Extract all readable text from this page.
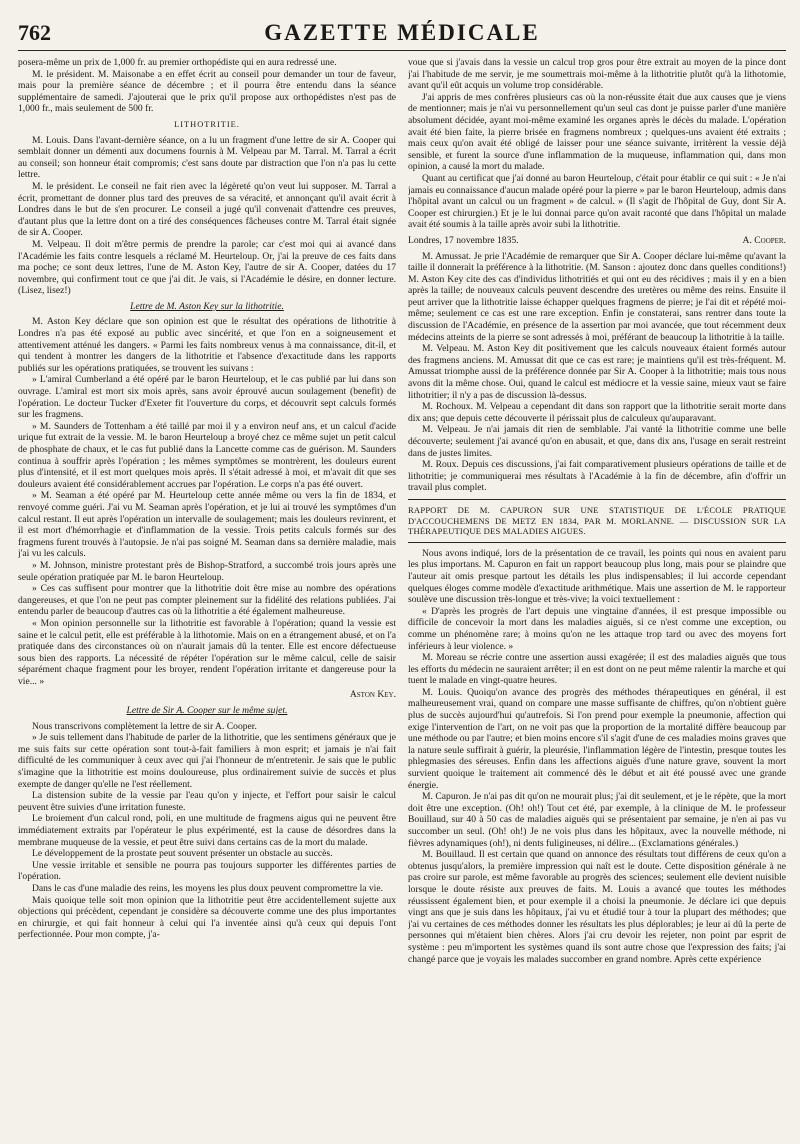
762	GAZETTE MÉDICALE

posera-même un prix de 1,000 fr. au premier orthopédiste qui en aura redressé une.

M. le président. M. Maisonabe a en effet écrit au conseil pour demander un tour de faveur, mais pour la première séance de décembre ; et il pourra être entendu dans la séance supplémentaire de samedi. J'ajouterai que le prix qu'il propose aux orthopédistes n'est pas de 1,000 fr., mais seulement de 500 fr.

LITHOTRITIE.

M. Louis. Dans l'avant-dernière séance, on a lu un fragment d'une lettre de sir A. Cooper qui semblait donner un démenti aux documens fournis à M. Velpeau par M. Tarral. M. Tarral a écrit au conseil; son honneur était compromis; c'est sans doute par distraction que l'on n'a pas lu cette lettre.

M. le président. Le conseil ne fait rien avec la légèreté qu'on veut lui supposer. M. Tarral a écrit, promettant de donner plus tard des preuves de sa véracité, et annonçant qu'il avait écrit à Londres dans le but de s'en procurer. Le conseil a jugé qu'il convenait d'attendre ces preuves, d'autant plus que la lettre dont on a tiré des conséquences fâcheuses contre M. Tarral était signée de sir A. Cooper.

M. Velpeau. Il doit m'être permis de prendre la parole; car c'est moi qui ai avancé dans l'Académie les faits contre lesquels a réclamé M. Heurteloup. Or, j'ai la preuve de ces faits dans ma poche; ce sont deux lettres, l'une de M. Aston Key, l'autre de sir A. Cooper, datées du 17 novembre, qui confirment tout ce que j'ai dit. Je vais, si l'Académie le désire, en donner lecture. (Lisez, lisez!)

Lettre de M. Aston Key sur la lithotritie.

M. Aston Key déclare que son opinion est que le résultat des opérations de lithotritie à Londres n'a pas été exposé au public avec sincérité, et que l'on en a soigneusement et attentivement atténué les dangers. « Parmi les faits nombreux venus à ma connaissance, dit-il, et qui tendent à montrer les dangers de la lithotritie et l'absence d'exactitude dans les rapports publiés sur les opérations pratiquées, se trouvent les suivans :

» L'amiral Cumberland a été opéré par le baron Heurteloup, et le cas publié par lui dans son ouvrage. L'amiral est mort six mois après, sans avoir éprouvé aucun soulagement (benefit) de l'opération. Le docteur Tucker d'Exeter fit l'ouverture du corps, et découvrit sept calculs formés sur les fragmens.

» M. Saunders de Tottenham a été taillé par moi il y a environ neuf ans, et un calcul d'acide urique fut extrait de la vessie. M. le baron Heurteloup a broyé chez ce même sujet un petit calcul de phosphate de chaux, et le cas fut publié dans la Lancette comme cas de guérison. M. Saunders continua à souffrir après l'opération ; les mêmes symptômes se montrèrent, les douleurs eurent plus d'intensité, et il est mort quelques mois après. Il s'était adressé à moi, et m'avait dit que ses douleurs avaient été considérablement accrues par l'opération. Le corps n'a pas été ouvert.

» M. Seaman a été opéré par M. Heurteloup cette année même ou vers la fin de 1834, et renvoyé comme guéri. J'ai vu M. Seaman après l'opération, et je lui ai trouvé les symptômes d'un calcul restant. Il eut après l'opération un intervalle de soulagement; mais les douleurs revinrent, et il est mort d'hémorrhagie et d'inflammation de la vessie. Trois petits calculs formés sur des fragmens furent trouvés à l'autopsie. Je n'ai pas soigné M. Seaman dans sa dernière maladie, mais j'ai vu les calculs.

» M. Johnson, ministre protestant près de Bishop-Stratford, a succombé trois jours après une seule opération pratiquée par M. le baron Heurteloup.

» Ces cas suffisent pour montrer que la lithotritie doit être mise au nombre des opérations dangereuses, et que l'on ne peut pas compter pleinement sur la fidélité des relations publiées. J'ai entendu parler de beaucoup d'autres cas où la lithotritie a été également malheureuse.

« Mon opinion personnelle sur la lithotritie est favorable à l'opération; quand la vessie est saine et le calcul petit, elle est préférable à la lithotomie. Mais on en a étrangement abusé, et on l'a pratiquée dans des circonstances où on n'aurait jamais dû la tenter. Elle est encore défectueuse sous bien des rapports. La nécessité de répéter l'opération sur le même calcul, celle de saisir séparément chaque fragment pour les broyer, rendent l'opération irritante et dangereuse pour la vie... »

Aston Key.

Lettre de Sir A. Cooper sur le même sujet.

Nous transcrivons complètement la lettre de sir A. Cooper.

» Je suis tellement dans l'habitude de parler de la lithotritie, que les sentimens généraux que je me suis faits sur cette opération sont tout-à-fait familiers à mon esprit; et jamais je n'ai fait difficulté de les communiquer à ceux avec qui j'ai l'honneur de m'entretenir. Je sais que le public s'imagine que la lithotritie est moins douloureuse, plus ordinairement suivie de succès et plus exempte de danger qu'elle ne l'est réellement.

La distension subite de la vessie par l'eau qu'on y injecte, et l'effort pour saisir le calcul peuvent être suivies d'une irritation funeste.

Le broiement d'un calcul rond, poli, en une multitude de fragmens aigus qui ne peuvent être immédiatement extraits par l'opérateur le plus expérimenté, est la cause de désordres dans la membrane muqueuse de la vessie, et peut être suivi dans certains cas de la mort du malade.

Le développement de la prostate peut souvent présenter un obstacle au succès.

Une vessie irritable et sensible ne pourra pas toujours supporter les différentes parties de l'opération.

Dans le cas d'une maladie des reins, les moyens les plus doux peuvent compromettre la vie.

Mais quoique telle soit mon opinion que la lithotritie peut être accidentellement sujette aux objections qui précèdent, cependant je considère sa découverte comme une des plus importantes en chirurgie, et qui fait honneur à celui qui l'a inventée ainsi qu'à ceux qui depuis l'ont perfectionnée. Pour mon compte, j'a-

voue que si j'avais dans la vessie un calcul trop gros pour être extrait au moyen de la pince dont j'ai l'habitude de me servir, je me soumettrais moi-même à la lithotritie plutôt qu'à la lithotomie, avant qu'il eût acquis un volume trop considérable.

J'ai appris de mes confrères plusieurs cas où la non-réussite était due aux causes que je viens de mentionner; mais je n'ai vu personnellement qu'un seul cas dont je puisse parler d'une manière absolument décidée, ayant moi-même examiné les organes après le décès du malade. L'opération avait été bien faite, la pierre brisée en fragmens nombreux ; quelques-uns avaient été extraits ; mais ceux qu'on avait été obligé de laisser pour une séance suivante, irritèrent la vessie déjà sensible, et furent la source d'une inflammation de la muqueuse, inflammation qui, dans mon opinion, a causé la mort du malade.

Quant au certificat que j'ai donné au baron Heurteloup, c'était pour établir ce qui suit : « Je n'ai jamais eu connaissance d'aucun malade opéré pour la pierre » par le baron Heurteloup, admis dans l'hôpital avant un calcul ou un fragment » de calcul. » (Il s'agit de l'hôpital de Guy, dont Sir A. Cooper est chirurgien.) Et je le lui donnai parce qu'on avait raconté que dans l'hôpital un malade avait été soumis à la taille après avoir subi la lithotritie.

Londres, 17 novembre 1835.	A. Cooper.

M. Amussat. Je prie l'Académie de remarquer que Sir A. Cooper déclare lui-même qu'avant la taille il donnerait la préférence à la lithotritie. (M. Sanson : ajoutez donc dans quelles conditions!) M. Aston Key cite des cas d'individus lithotritiés et qui ont eu des récidives ; mais il y en a bien après la taille; de nouveaux calculs peuvent descendre des uretères ou même des reins. Ensuite il peut arriver que la lithotritie laisse échapper quelques fragmens de pierre; je l'ai dit et répété moi-même; seulement ce cas est une rare exception. Enfin je constaterai, sans rentrer dans toute la discussion de l'Académie, en présence de la assertion par moi avancée, que tout récemment deux médecins atteints de la pierre se sont adressés à moi, préférant de beaucoup la lithotritie à la taille.

M. Velpeau. M. Aston Key dit positivement que les calculs nouveaux étaient formés autour des fragmens anciens. M. Amussat dit que ce cas est rare; je maintiens qu'il est très-fréquent. M. Amussat triomphe aussi de la préférence donnée par Sir A. Cooper à la lithotritie; mais tous nous avons dit la même chose. Oui, quand le calcul est médiocre et la vessie saine, mieux vaut se faire lithotritier; il n'y a pas de discussion là-dessus.

M. Rochoux. M. Velpeau a cependant dit dans son rapport que la lithotritie serait morte dans dix ans; que depuis cette découverte il périssait plus de calculeux qu'auparavant.

M. Velpeau. Je n'ai jamais dit rien de semblable. J'ai vanté la lithotritie comme une belle découverte; seulement j'ai avancé qu'on en abusait, et que, dans dix ans, l'usage en serait restreint dans de justes limites.

M. Roux. Depuis ces discussions, j'ai fait comparativement plusieurs opérations de taille et de lithotritie; je communiquerai mes résultats à l'Académie à la fin de décembre, afin d'offrir un travail plus complet.

RAPPORT DE M. CAPURON SUR UNE STATISTIQUE DE L'ÉCOLE PRATIQUE D'ACCOUCHEMENS DE METZ EN 1834, PAR M. MORLANNE. — DISCUSSION SUR LA THÉRAPEUTIQUE DES MALADIES AIGUES.

Nous avons indiqué, lors de la présentation de ce travail, les points qui nous en avaient paru les plus importans. M. Capuron en fait un rapport beaucoup plus long, mais pour se plaindre que l'auteur ait omis presque partout les détails les plus indispensables; il lui accorde cependant quelques éloges comme modèle d'exactitude arithmétique. Mais une assertion de M. le rapporteur soulève une discussion très-longue et très-vive; la voici textuellement :

« D'après les progrès de l'art depuis une vingtaine d'années, il est presque impossible ou difficile de concevoir la mort dans les maladies aiguës, si ce n'est comme une exception, ou comme un phénomène rare; à moins qu'on ne les attaque trop tard ou avec des moyens fort inférieurs à leur violence. »

M. Moreau se récrie contre une assertion aussi exagérée; il est des maladies aiguës que tous les efforts du médecin ne sauraient arrêter; il en est dont on ne peut même ralentir la marche et qui tuent le malade en vingt-quatre heures.

M. Louis. Quoiqu'on avance des progrès des méthodes thérapeutiques en général, il est malheureusement vrai, quand on compare une masse suffisante de chiffres, qu'on n'obtient guère plus de succès aujourd'hui qu'autrefois. Si l'on prend pour exemple la pneumonie, affection qui exige l'intervention de l'art, on ne voit pas que la proportion de la mortalité diffère beaucoup par une méthode ou par l'autre; et bien moins encore s'il s'agit d'une de ces maladies moins graves que la nature seule suffirait à guérir, la pleurésie, l'inflammation légère de l'intestin, presque toutes les phlegmasies des séreuses. Enfin dans les affections aiguës d'une nature grave, souvent la mort survient quoique le traitement ait commencé dès le début et ait été poussé avec une grande énergie.

M. Capuron. Je n'ai pas dit qu'on ne mourait plus; j'ai dit seulement, et je le répète, que la mort doit être une exception. (Oh! oh!) Tout cet été, par exemple, à la clinique de M. le professeur Bouillaud, sur 40 à 50 cas de maladies aiguës qui se présentaient par semaine, je n'en ai pas vu succomber un seul. (Oh! oh!) Je ne vois plus dans les hôpitaux, avec la nouvelle méthode, ni fièvres adynamiques (oh!), ni dents fuligineuses, ni délire... (Exclamations générales.)

M. Bouillaud. Il est certain que quand on annonce des résultats tout différens de ceux qu'on a obtenus jusqu'alors, la première impression qui naît est le doute. Cette disposition générale à ne pas croire sur parole, est même favorable au progrès des sciences; seulement elle devient nuisible lorsque le doute résiste aux preuves de faits. M. Louis a avancé que toutes les méthodes réussissent également bien, et pour exemple il a choisi la pneumonie. Je déclare ici que depuis vingt ans que je suis dans les hôpitaux, j'ai vu et étudié tour à tour la plupart des méthodes; que j'ai vu certaines de ces méthodes donner les résultats les plus déplorables; je leur ai dû la perte de personnes qui m'étaient bien chères. Alors j'ai cru devoir les rejeter, non point par esprit de système : peu m'importent les systèmes quand ils sont autre chose que l'expression des faits; j'ai changé parce que je voyais les malades succomber en grand nombre. Après cette expérience
